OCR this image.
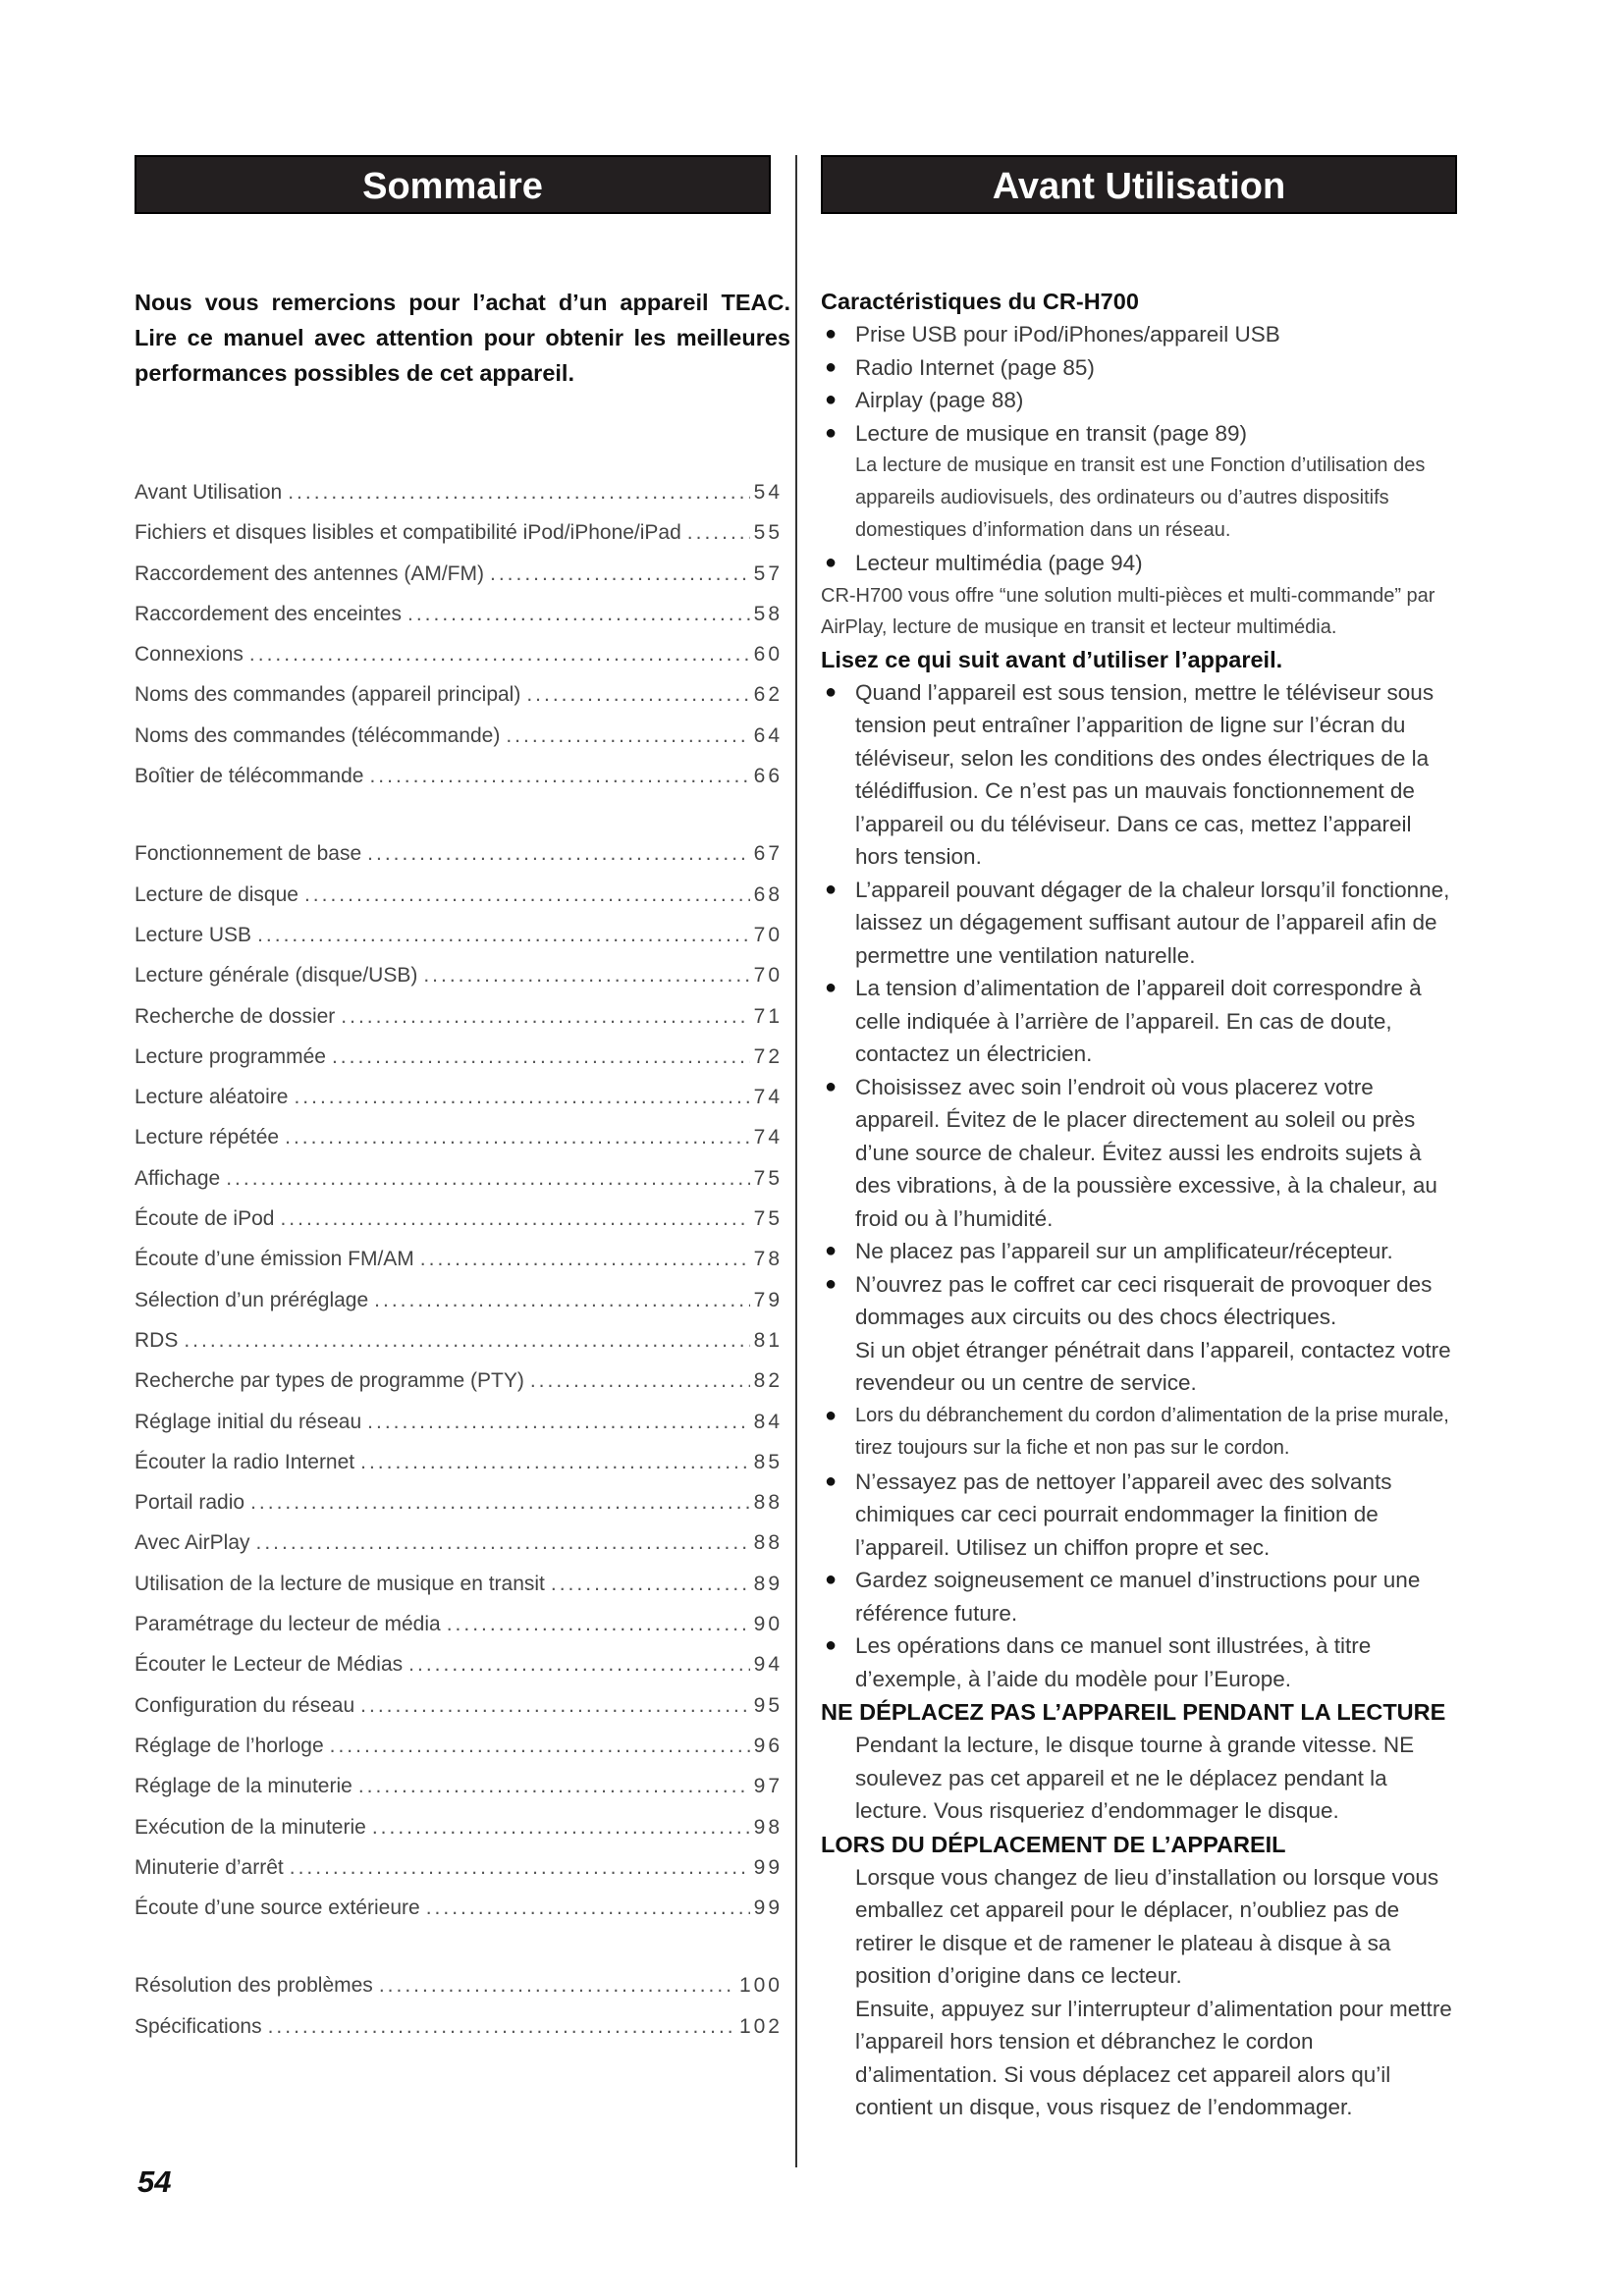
Sommaire	Avant Utilisation
Nous vous remercions pour l’achat d’un appareil TEAC. Lire ce manuel avec attention pour obtenir les meilleures performances possibles de cet appareil.
Avant Utilisation .....	54
Fichiers et disques lisibles et compatibilité iPod/iPhone/iPad .....	55
Raccordement des antennes (AM/FM) .....	57
Raccordement des enceintes .....	58
Connexions .....	60
Noms des commandes (appareil principal) .....	62
Noms des commandes (télécommande) .....	64
Boîtier de télécommande .....	66
Fonctionnement de base .....	67
Lecture de disque .....	68
Lecture USB .....	70
Lecture générale (disque/USB) .....	70
Recherche de dossier .....	71
Lecture programmée .....	72
Lecture aléatoire .....	74
Lecture répétée .....	74
Affichage .....	75
Écoute de iPod .....	75
Écoute d’une émission FM/AM .....	78
Sélection d’un préréglage .....	79
RDS .....	81
Recherche par types de programme (PTY) .....	82
Réglage initial du réseau .....	84
Écouter la radio Internet .....	85
Portail radio .....	88
Avec AirPlay .....	88
Utilisation de la lecture de musique en transit .....	89
Paramétrage du lecteur de média .....	90
Écouter le Lecteur de Médias .....	94
Configuration du réseau .....	95
Réglage de l’horloge .....	96
Réglage de la minuterie .....	97
Exécution de la minuterie .....	98
Minuterie d’arrêt .....	99
Écoute d’une source extérieure .....	99
Résolution des problèmes .....	100
Spécifications .....	102
Caractéristiques du CR-H700
● Prise USB pour iPod/iPhones/appareil USB
● Radio Internet (page 85)
● Airplay (page 88)
● Lecture de musique en transit (page 89)
La lecture de musique en transit est une Fonction d’utilisation des appareils audiovisuels, des ordinateurs ou d’autres dispositifs domestiques d’information dans un réseau.
● Lecteur multimédia (page 94)
CR-H700 vous offre “une solution multi-pièces et multi-commande” par AirPlay, lecture de musique en transit et lecteur multimédia.
Lisez ce qui suit avant d’utiliser l’appareil.
● Quand l’appareil est sous tension, mettre le téléviseur sous tension peut entraîner l’apparition de ligne sur l’écran du téléviseur, selon les conditions des ondes électriques de la télédiffusion. Ce n’est pas un mauvais fonctionnement de l’appareil ou du téléviseur. Dans ce cas, mettez l’appareil hors tension.
● L’appareil pouvant dégager de la chaleur lorsqu’il fonctionne, laissez un dégagement suffisant autour de l’appareil afin de permettre une ventilation naturelle.
● La tension d’alimentation de l’appareil doit correspondre à celle indiquée à l’arrière de l’appareil. En cas de doute, contactez un électricien.
● Choisissez avec soin l’endroit où vous placerez votre appareil. Évitez de le placer directement au soleil ou près d’une source de chaleur. Évitez aussi les endroits sujets à des vibrations, à de la poussière excessive, à la chaleur, au froid ou à l’humidité.
● Ne placez pas l’appareil sur un amplificateur/récepteur.
● N’ouvrez pas le coffret car ceci risquerait de provoquer des dommages aux circuits ou des chocs électriques.
Si un objet étranger pénétrait dans l’appareil, contactez votre revendeur ou un centre de service.
● Lors du débranchement du cordon d’alimentation de la prise murale, tirez toujours sur la fiche et non pas sur le cordon.
● N’essayez pas de nettoyer l’appareil avec des solvants chimiques car ceci pourrait endommager la finition de l’appareil. Utilisez un chiffon propre et sec.
● Gardez soigneusement ce manuel d’instructions pour une référence future.
● Les opérations dans ce manuel sont illustrées, à titre d’exemple, à l’aide du modèle pour l’Europe.
NE DÉPLACEZ PAS L’APPAREIL PENDANT LA LECTURE
Pendant la lecture, le disque tourne à grande vitesse. NE soulevez pas cet appareil et ne le déplacez pendant la lecture. Vous risqueriez d’endommager le disque.
LORS DU DÉPLACEMENT DE L’APPAREIL
Lorsque vous changez de lieu d’installation ou lorsque vous emballez cet appareil pour le déplacer, n’oubliez pas de retirer le disque et de ramener le plateau à disque à sa position d’origine dans ce lecteur.
Ensuite, appuyez sur l’interrupteur d’alimentation pour mettre l’appareil hors tension et débranchez le cordon d’alimentation. Si vous déplacez cet appareil alors qu’il contient un disque, vous risquez de l’endommager.
54
